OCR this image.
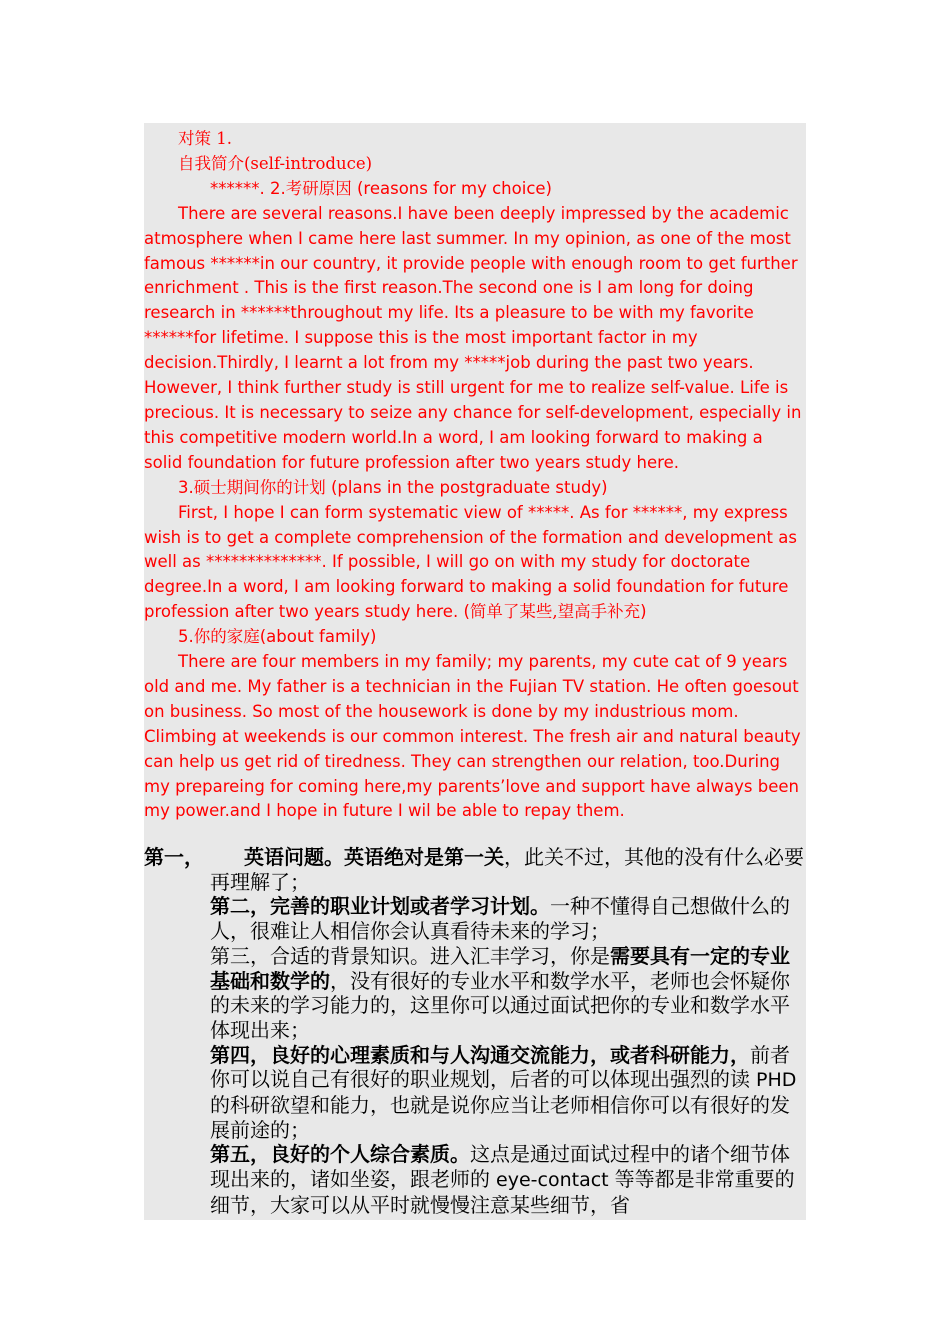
对策 1.

自我简介(self-introduce)

******. 2.考研原因 (reasons for my choice)

There are several reasons.I have been deeply impressed by the academic atmosphere when I came here last summer. In my opinion, as one of the most famous ******in our country, it provide people with enough room to get further enrichment . This is the first reason.The second one is I am long for doing research in ******throughout my life. Its a pleasure to be with my favorite ******for lifetime. I suppose this is the most important factor in my decision.Thirdly, I learnt a lot from my *****job during the past two years. However, I think further study is still urgent for me to realize self-value. Life is precious. It is necessary to seize any chance for self-development, especially in this competitive modern world.In a word, I am looking forward to making a solid foundation for future profession after two years study here.

3.硕士期间你的计划 (plans in the postgraduate study)

First, I hope I can form systematic view of *****. As for ******, my express wish is to get a complete comprehension of the formation and development as well as **************. If possible, I will go on with my study for doctorate degree.In a word, I am looking forward to making a solid foundation for future profession after two years study here. (简单了某些,望高手补充)

5.你的家庭(about family)

There are four members in my family; my parents, my cute cat of 9 years old and me. My father is a technician in the Fujian TV station. He often goesout on business. So most of the housework is done by my industrious mom. Climbing at weekends is our common interest. The fresh air and natural beauty can help us get rid of tiredness. They can strengthen our relation, too.During my prepareing for coming here,my parents’love and support have always been my power.and I hope in future I wil be able to repay them.

第一， 英语问题。英语绝对是第一关，此关不过，其他的没有什么必要再理解了；

第二，完善的职业计划或者学习计划。一种不懂得自己想做什么的人，很难让人相信你会认真看待未来的学习；

第三，合适的背景知识。进入汇丰学习，你是需要具有一定的专业基础和数学的，没有很好的专业水平和数学水平，老师也会怀疑你的未来的学习能力的，这里你可以通过面试把你的专业和数学水平体现出来；

第四，良好的心理素质和与人沟通交流能力，或者科研能力，前者你可以说自己有很好的职业规划，后者的可以体现出强烈的读 PHD 的科研欲望和能力，也就是说你应当让老师相信你可以有很好的发展前途的；

第五，良好的个人综合素质。这点是通过面试过程中的诸个细节体现出来的，诸如坐姿，跟老师的 eye-contact 等等都是非常重要的细节，大家可以从平时就慢慢注意某些细节，省
